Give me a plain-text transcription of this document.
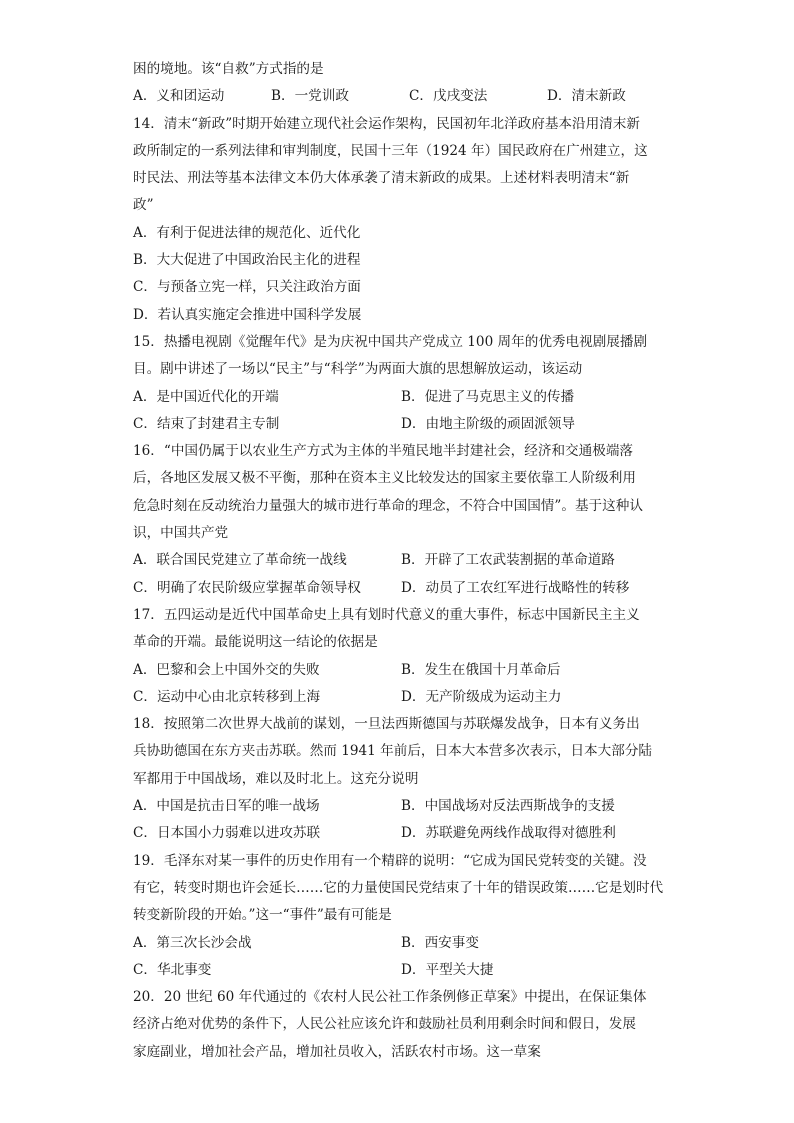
困的境地。该“自救”方式指的是
A．义和团运动	B．一党训政	C．戊戌变法	D．清末新政
14．清末“新政”时期开始建立现代社会运作架构，民国初年北洋政府基本沿用清末新
政所制定的一系列法律和审判制度，民国十三年（1924 年）国民政府在广州建立，这
时民法、刑法等基本法律文本仍大体承袭了清末新政的成果。上述材料表明清末“新
政”
A．有利于促进法律的规范化、近代化
B．大大促进了中国政治民主化的进程
C．与预备立宪一样，只关注政治方面
D．若认真实施定会推进中国科学发展
15．热播电视剧《觉醒年代》是为庆祝中国共产党成立 100 周年的优秀电视剧展播剧
目。剧中讲述了一场以“民主”与“科学”为两面大旗的思想解放运动，该运动
A．是中国近代化的开端	B．促进了马克思主义的传播
C．结束了封建君主专制	D．由地主阶级的顽固派领导
16．“中国仍属于以农业生产方式为主体的半殖民地半封建社会，经济和交通极端落
后，各地区发展又极不平衡，那种在资本主义比较发达的国家主要依靠工人阶级利用
危急时刻在反动统治力量强大的城市进行革命的理念，不符合中国国情”。基于这种认
识，中国共产党
A．联合国民党建立了革命统一战线	B．开辟了工农武装割据的革命道路
C．明确了农民阶级应掌握革命领导权	D．动员了工农红军进行战略性的转移
17．五四运动是近代中国革命史上具有划时代意义的重大事件，标志中国新民主主义
革命的开端。最能说明这一结论的依据是
A．巴黎和会上中国外交的失败	B．发生在俄国十月革命后
C．运动中心由北京转移到上海	D．无产阶级成为运动主力
18．按照第二次世界大战前的谋划，一旦法西斯德国与苏联爆发战争，日本有义务出
兵协助德国在东方夹击苏联。然而 1941 年前后，日本大本营多次表示，日本大部分陆
军都用于中国战场，难以及时北上。这充分说明
A．中国是抗击日军的唯一战场	B．中国战场对反法西斯战争的支援
C．日本国小力弱难以进攻苏联	D．苏联避免两线作战取得对德胜利
19．毛泽东对某一事件的历史作用有一个精辟的说明：“它成为国民党转变的关键。没
有它，转变时期也许会延长……它的力量使国民党结束了十年的错误政策……它是划时代
转变新阶段的开始。”这一“事件”最有可能是
A．第三次长沙会战	B．西安事变
C．华北事变	D．平型关大捷
20．20 世纪 60 年代通过的《农村人民公社工作条例修正草案》中提出，在保证集体
经济占绝对优势的条件下，人民公社应该允许和鼓励社员利用剩余时间和假日，发展
家庭副业，增加社会产品，增加社员收入，活跃农村市场。这一草案
